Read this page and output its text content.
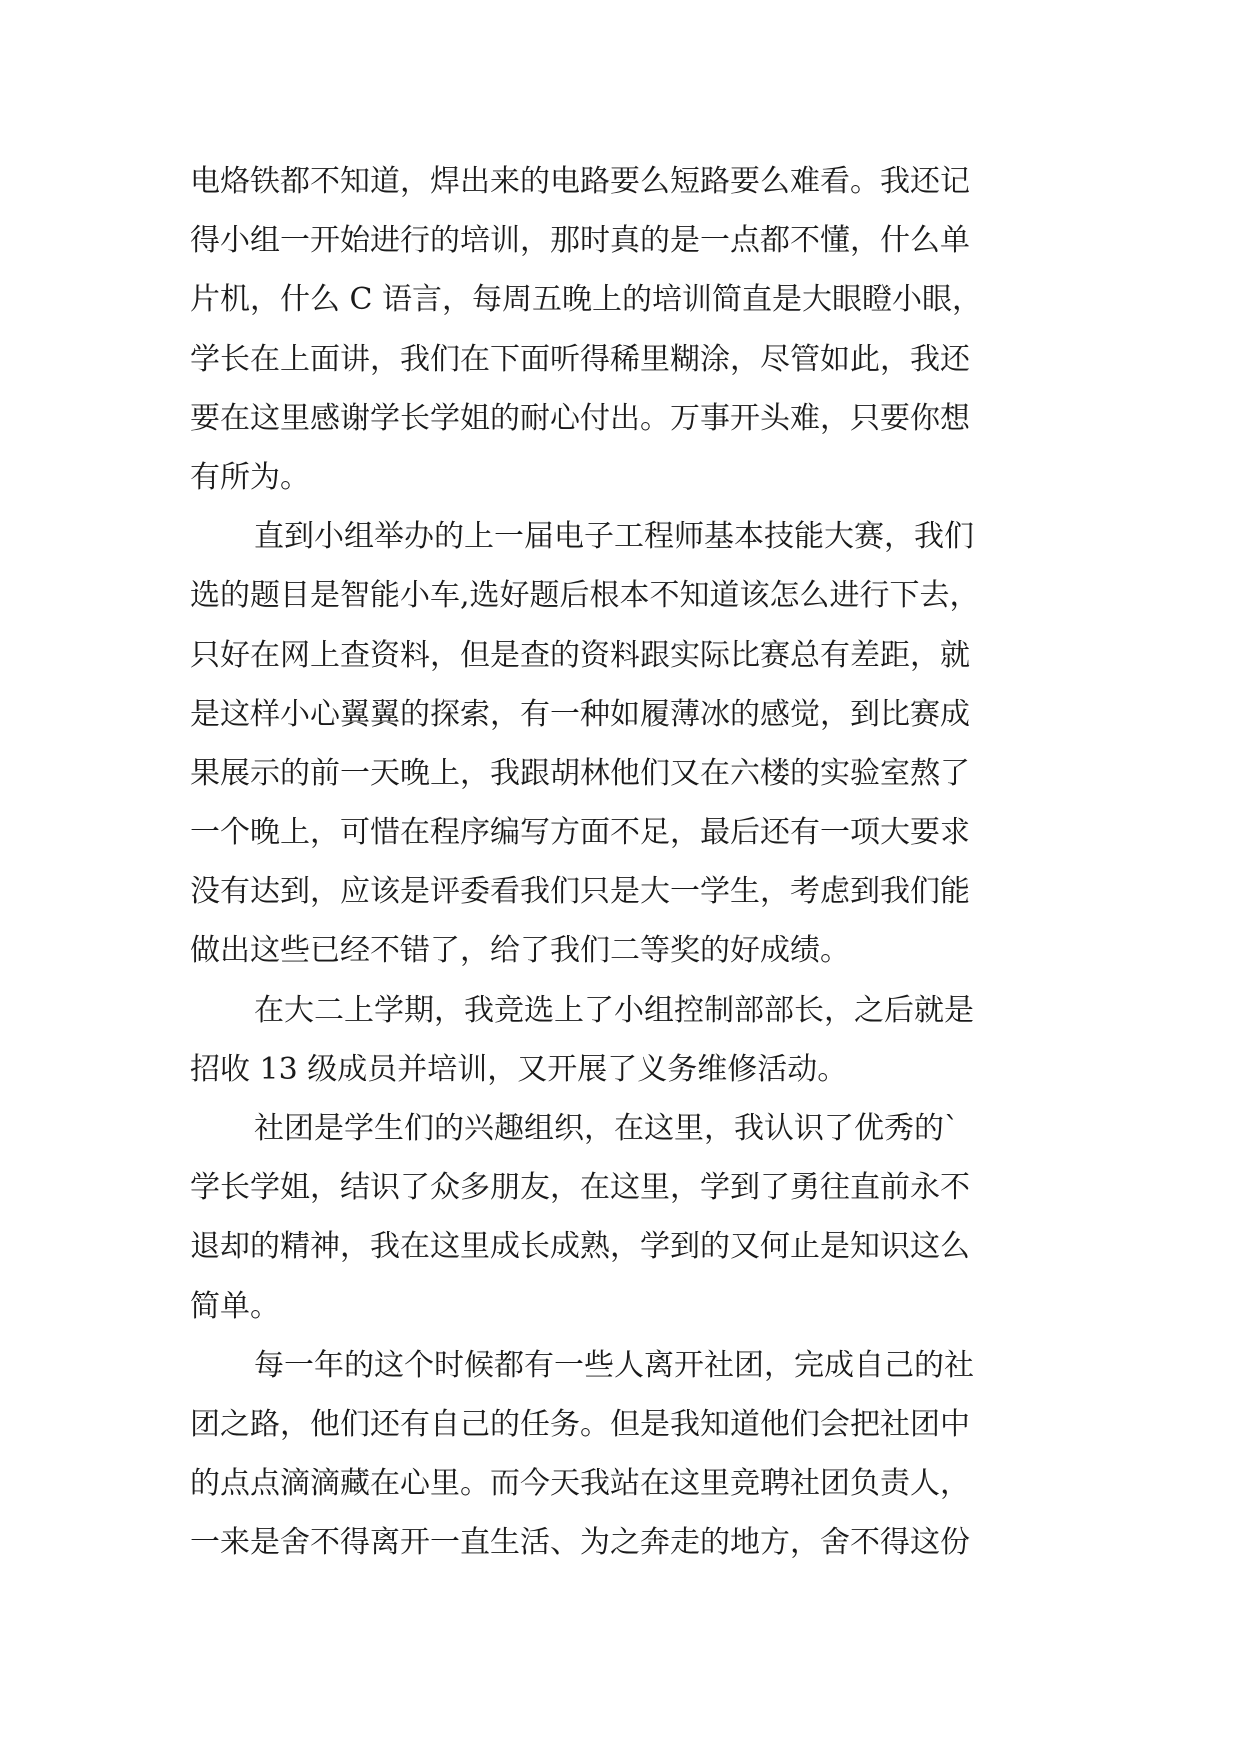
电烙铁都不知道，焊出来的电路要么短路要么难看。我还记
得小组一开始进行的培训，那时真的是一点都不懂，什么单
片机，什么 C 语言，每周五晚上的培训简直是大眼瞪小眼，
学长在上面讲，我们在下面听得稀里糊涂，尽管如此，我还
要在这里感谢学长学姐的耐心付出。万事开头难，只要你想
有所为。
直到小组举办的上一届电子工程师基本技能大赛，我们
选的题目是智能小车,选好题后根本不知道该怎么进行下去，
只好在网上查资料，但是查的资料跟实际比赛总有差距，就
是这样小心翼翼的探索，有一种如履薄冰的感觉，到比赛成
果展示的前一天晚上，我跟胡林他们又在六楼的实验室熬了
一个晚上，可惜在程序编写方面不足，最后还有一项大要求
没有达到，应该是评委看我们只是大一学生，考虑到我们能
做出这些已经不错了，给了我们二等奖的好成绩。
在大二上学期，我竞选上了小组控制部部长，之后就是
招收 13 级成员并培训，又开展了义务维修活动。
社团是学生们的兴趣组织，在这里，我认识了优秀的`
学长学姐，结识了众多朋友，在这里，学到了勇往直前永不
退却的精神，我在这里成长成熟，学到的又何止是知识这么
简单。
每一年的这个时候都有一些人离开社团，完成自己的社
团之路，他们还有自己的任务。但是我知道他们会把社团中
的点点滴滴藏在心里。而今天我站在这里竞聘社团负责人，
一来是舍不得离开一直生活、为之奔走的地方，舍不得这份
